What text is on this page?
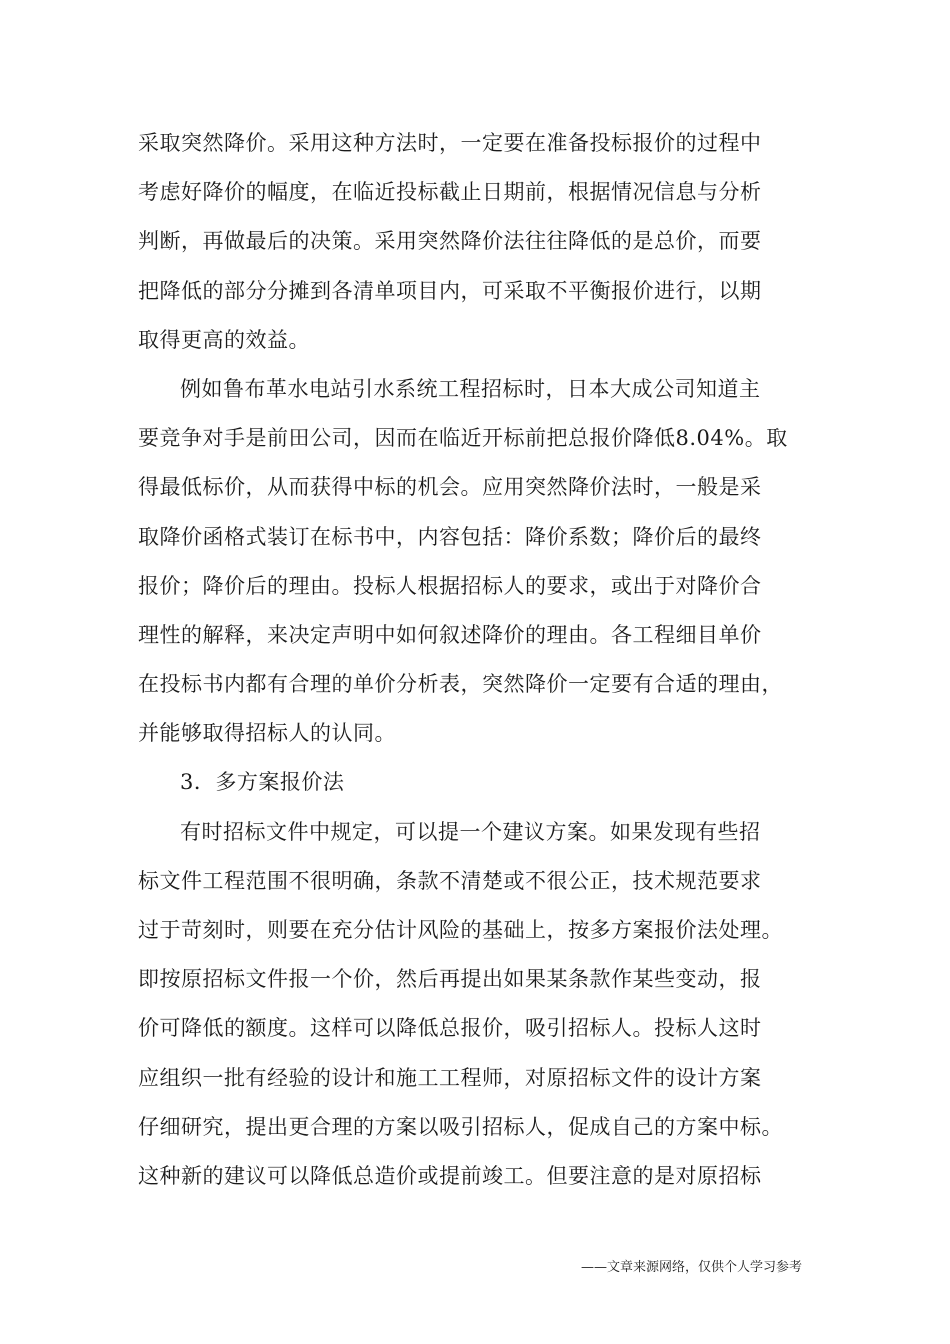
采取突然降价。采用这种方法时，一定要在准备投标报价的过程中
考虑好降价的幅度，在临近投标截止日期前，根据情况信息与分析
判断，再做最后的决策。采用突然降价法往往降低的是总价，而要
把降低的部分分摊到各清单项目内，可采取不平衡报价进行，以期
取得更高的效益。
例如鲁布革水电站引水系统工程招标时，日本大成公司知道主
要竞争对手是前田公司，因而在临近开标前把总报价降低8.04%。取
得最低标价，从而获得中标的机会。应用突然降价法时，一般是采
取降价函格式装订在标书中，内容包括：降价系数；降价后的最终
报价；降价后的理由。投标人根据招标人的要求，或出于对降价合
理性的解释，来决定声明中如何叙述降价的理由。各工程细目单价
在投标书内都有合理的单价分析表，突然降价一定要有合适的理由，
并能够取得招标人的认同。
3．多方案报价法
有时招标文件中规定，可以提一个建议方案。如果发现有些招
标文件工程范围不很明确，条款不清楚或不很公正，技术规范要求
过于苛刻时，则要在充分估计风险的基础上，按多方案报价法处理。
即按原招标文件报一个价，然后再提出如果某条款作某些变动，报
价可降低的额度。这样可以降低总报价，吸引招标人。投标人这时
应组织一批有经验的设计和施工工程师，对原招标文件的设计方案
仔细研究，提出更合理的方案以吸引招标人，促成自己的方案中标。
这种新的建议可以降低总造价或提前竣工。但要注意的是对原招标
——文章来源网络，仅供个人学习参考
